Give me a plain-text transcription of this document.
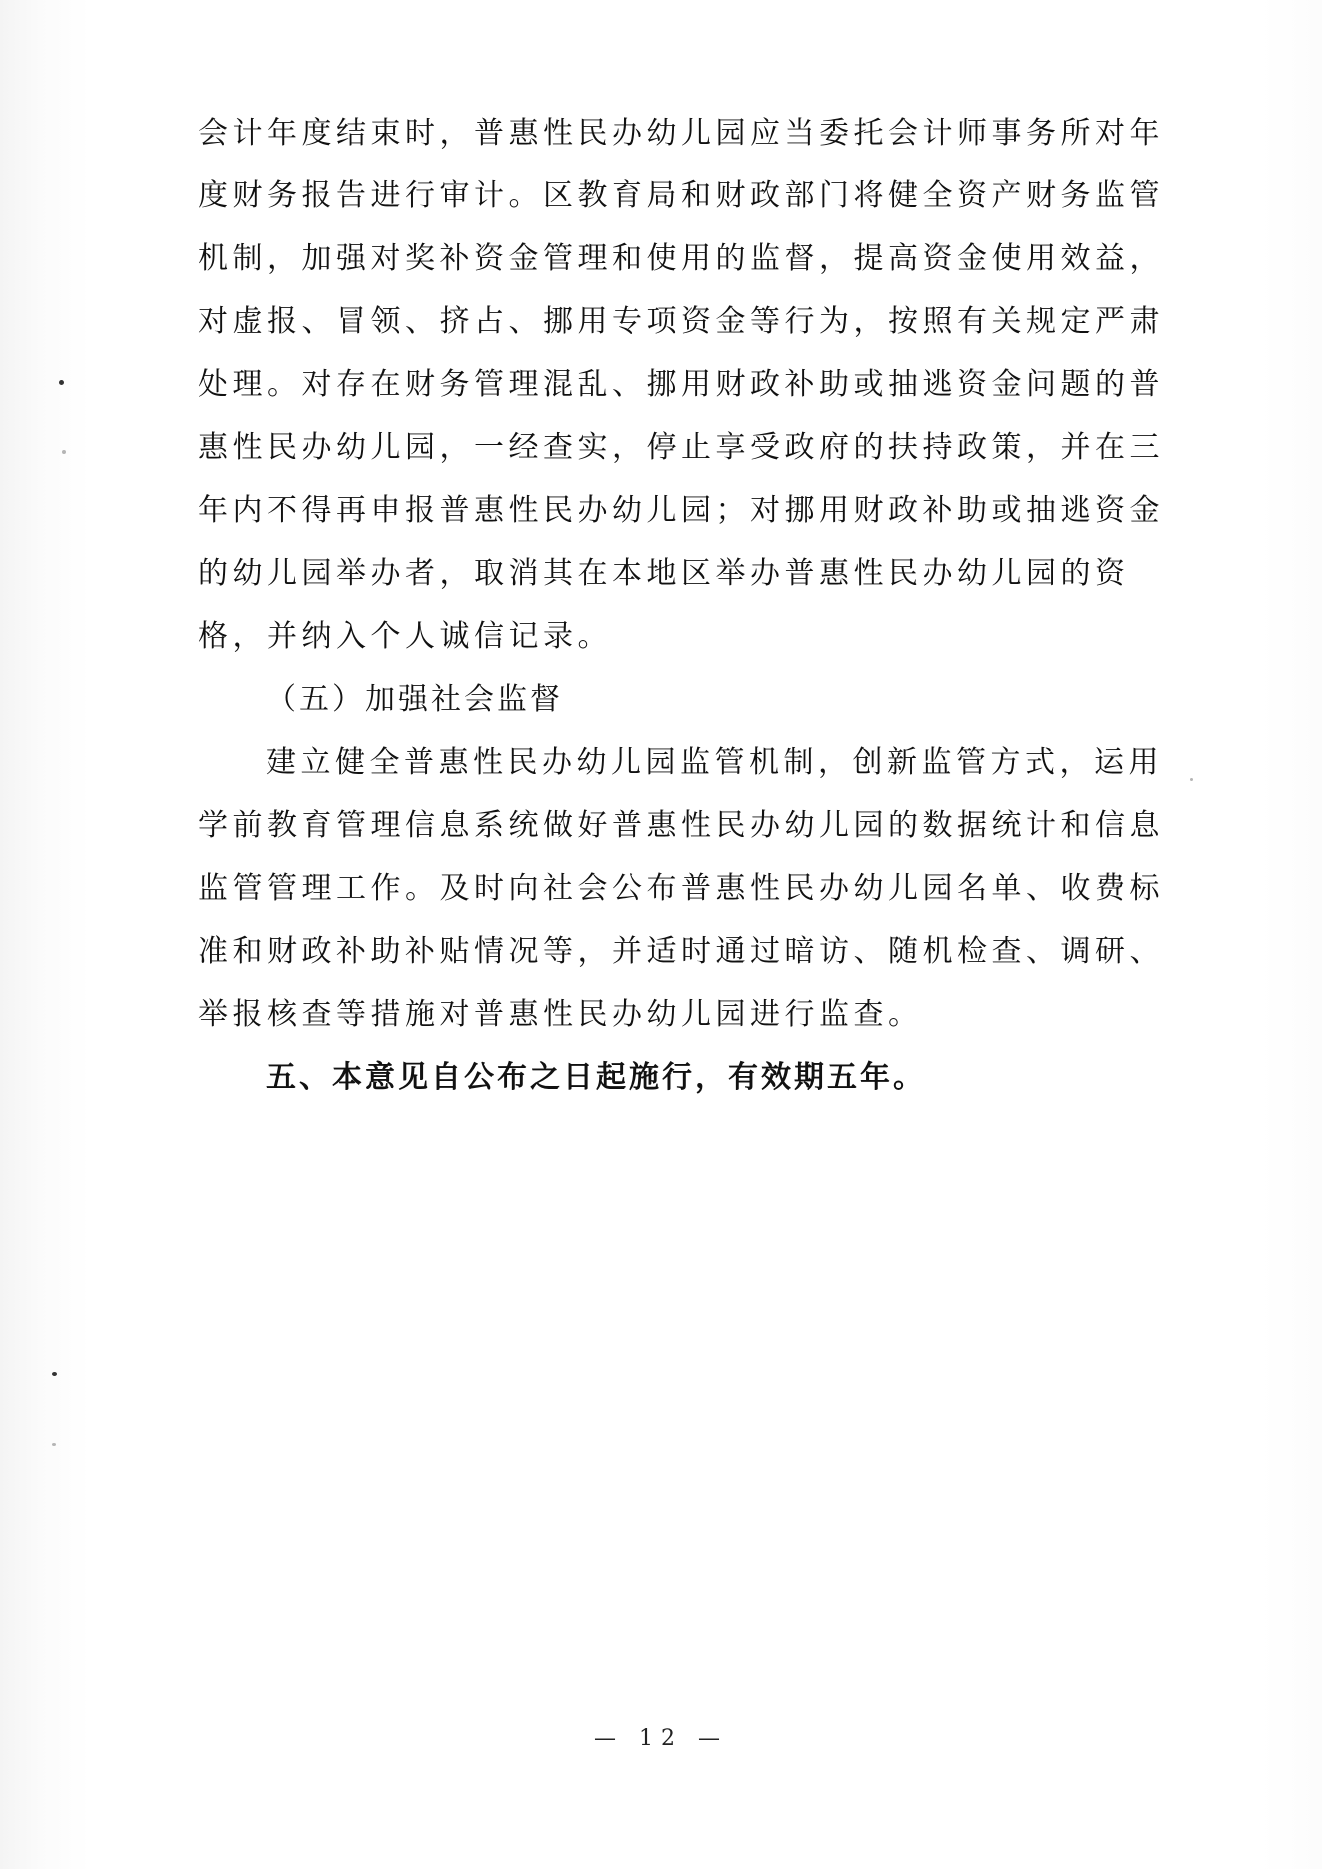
会计年度结束时，普惠性民办幼儿园应当委托会计师事务所对年
度财务报告进行审计。区教育局和财政部门将健全资产财务监管
机制，加强对奖补资金管理和使用的监督，提高资金使用效益，
对虚报、冒领、挤占、挪用专项资金等行为，按照有关规定严肃
处理。对存在财务管理混乱、挪用财政补助或抽逃资金问题的普
惠性民办幼儿园，一经查实，停止享受政府的扶持政策，并在三
年内不得再申报普惠性民办幼儿园；对挪用财政补助或抽逃资金
的幼儿园举办者，取消其在本地区举办普惠性民办幼儿园的资
格，并纳入个人诚信记录。
（五）加强社会监督
建立健全普惠性民办幼儿园监管机制，创新监管方式，运用
学前教育管理信息系统做好普惠性民办幼儿园的数据统计和信息
监管管理工作。及时向社会公布普惠性民办幼儿园名单、收费标
准和财政补助补贴情况等，并适时通过暗访、随机检查、调研、
举报核查等措施对普惠性民办幼儿园进行监查。
五、本意见自公布之日起施行，有效期五年。
— 12 —
